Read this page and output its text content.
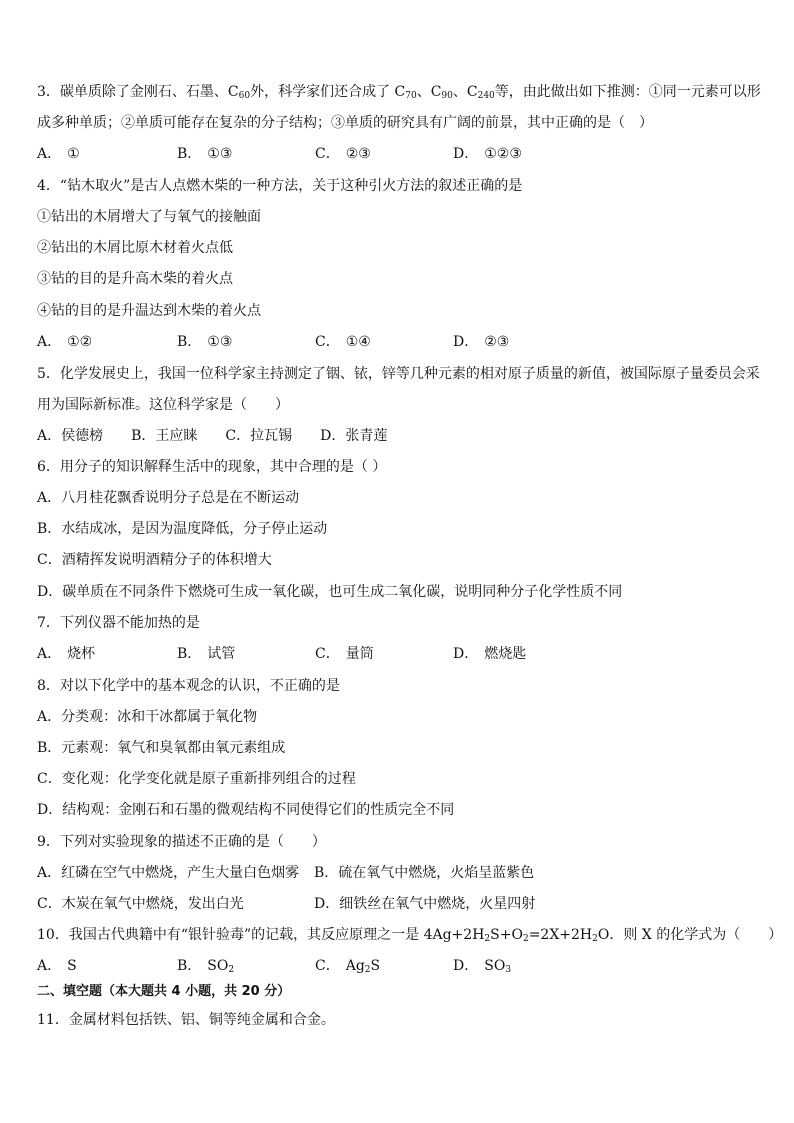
3．碳单质除了金刚石、石墨、$C_{60}$外，科学家们还合成了 $C_{70}$、$C_{90}$、$C_{240}$等，由此做出如下推测：①同一元素可以形
成多种单质；②单质可能存在复杂的分子结构；③单质的研究具有广阔的前景，其中正确的是（　）
A． ①	B． ①③	C． ②③	D． ①②③
4．“钻木取火”是古人点燃木柴的一种方法，关于这种引火方法的叙述正确的是
①钻出的木屑增大了与氧气的接触面
②钻出的木屑比原木材着火点低
③钻的目的是升高木柴的着火点
④钻的目的是升温达到木柴的着火点
A． ①②	B． ①③	C． ①④	D． ②③
5．化学发展史上，我国一位科学家主持测定了铟、铱，锌等几种元素的相对原子质量的新值，被国际原子量委员会采
用为国际新标准。这位科学家是（　　）
A．侯德榜　　B．王应睐　　C．拉瓦锡　　D．张青莲
6．用分子的知识解释生活中的现象，其中合理的是（ ）
A．八月桂花飘香说明分子总是在不断运动
B．水结成冰，是因为温度降低，分子停止运动
C．酒精挥发说明酒精分子的体积增大
D．碳单质在不同条件下燃烧可生成一氧化碳，也可生成二氧化碳，说明同种分子化学性质不同
7．下列仪器不能加热的是
A． 烧杯	B． 试管	C． 量筒	D． 燃烧匙
8．对以下化学中的基本观念的认识，不正确的是
A．分类观：冰和干冰都属于氧化物
B．元素观：氧气和臭氧都由氧元素组成
C．变化观：化学变化就是原子重新排列组合的过程
D．结构观：金刚石和石墨的微观结构不同使得它们的性质完全不同
9．下列对实验现象的描述不正确的是（　　）
A．红磷在空气中燃烧，产生大量白色烟雾 B．硫在氧气中燃烧，火焰呈蓝紫色
C．木炭在氧气中燃烧，发出白光	D．细铁丝在氧气中燃烧，火星四射
10．我国古代典籍中有“银针验毒”的记载，其反应原理之一是 $4Ag+2H_2S+O_2=2X+2H_2O$．则 X 的化学式为（　　）
A． S	B． $SO_2$	C． $Ag_2S$	D． $SO_3$
二、填空题（本大题共 4 小题，共 20 分）
11．金属材料包括铁、铝、铜等纯金属和合金。
